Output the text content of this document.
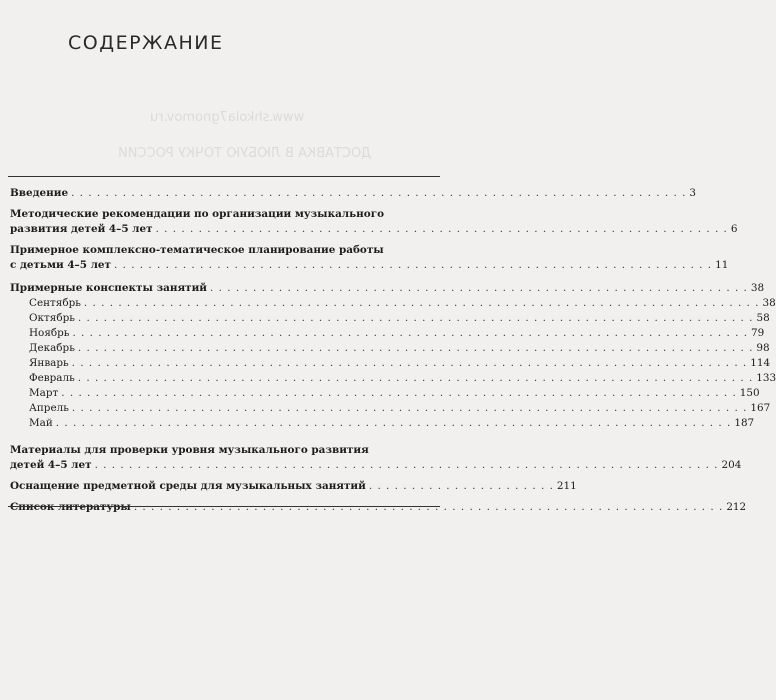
www.shkola7gnomov.ru
ДОСТАВКА В ЛЮБУЮ ТОЧКУ РОССИИ
СОДЕРЖАНИЕ
Введение . . . . . . . . . . . . . . . . . . . . . . . . . . . . . . . . . . . . . . . . . . . . . . . . . . . . . . . . . . . . . . . . . . . . . . . . 3
Методические рекомендации по организации музыкального
развития детей 4–5 лет . . . . . . . . . . . . . . . . . . . . . . . . . . . . . . . . . . . . . . . . . . . . . . . . . . . . . . . . . . . . . . . . . . . 6
Примерное комплексно-тематическое планирование работы
с детьми 4–5 лет . . . . . . . . . . . . . . . . . . . . . . . . . . . . . . . . . . . . . . . . . . . . . . . . . . . . . . . . . . . . . . . . . . . . . . 11
Примерные конспекты занятий . . . . . . . . . . . . . . . . . . . . . . . . . . . . . . . . . . . . . . . . . . . . . . . . . . . . . . . . . . . . . . . 38
Сентябрь . . . . . . . . . . . . . . . . . . . . . . . . . . . . . . . . . . . . . . . . . . . . . . . . . . . . . . . . . . . . . . . . . . . . . . . . . . . . . . . 38
Октябрь . . . . . . . . . . . . . . . . . . . . . . . . . . . . . . . . . . . . . . . . . . . . . . . . . . . . . . . . . . . . . . . . . . . . . . . . . . . . . . . 58
Ноябрь . . . . . . . . . . . . . . . . . . . . . . . . . . . . . . . . . . . . . . . . . . . . . . . . . . . . . . . . . . . . . . . . . . . . . . . . . . . . . . . 79
Декабрь . . . . . . . . . . . . . . . . . . . . . . . . . . . . . . . . . . . . . . . . . . . . . . . . . . . . . . . . . . . . . . . . . . . . . . . . . . . . . . . 98
Январь . . . . . . . . . . . . . . . . . . . . . . . . . . . . . . . . . . . . . . . . . . . . . . . . . . . . . . . . . . . . . . . . . . . . . . . . . . . . . . . 114
Февраль . . . . . . . . . . . . . . . . . . . . . . . . . . . . . . . . . . . . . . . . . . . . . . . . . . . . . . . . . . . . . . . . . . . . . . . . . . . . . . . 133
Март . . . . . . . . . . . . . . . . . . . . . . . . . . . . . . . . . . . . . . . . . . . . . . . . . . . . . . . . . . . . . . . . . . . . . . . . . . . . . . . 150
Апрель . . . . . . . . . . . . . . . . . . . . . . . . . . . . . . . . . . . . . . . . . . . . . . . . . . . . . . . . . . . . . . . . . . . . . . . . . . . . . . . 167
Май . . . . . . . . . . . . . . . . . . . . . . . . . . . . . . . . . . . . . . . . . . . . . . . . . . . . . . . . . . . . . . . . . . . . . . . . . . . . . . . 187
Материалы для проверки уровня музыкального развития
детей 4–5 лет . . . . . . . . . . . . . . . . . . . . . . . . . . . . . . . . . . . . . . . . . . . . . . . . . . . . . . . . . . . . . . . . . . . . . . . . . 204
Оснащение предметной среды для музыкальных занятий . . . . . . . . . . . . . . . . . . . . . . 211
Список литературы . . . . . . . . . . . . . . . . . . . . . . . . . . . . . . . . . . . . . . . . . . . . . . . . . . . . . . . . . . . . . . . . . . . . . 212
